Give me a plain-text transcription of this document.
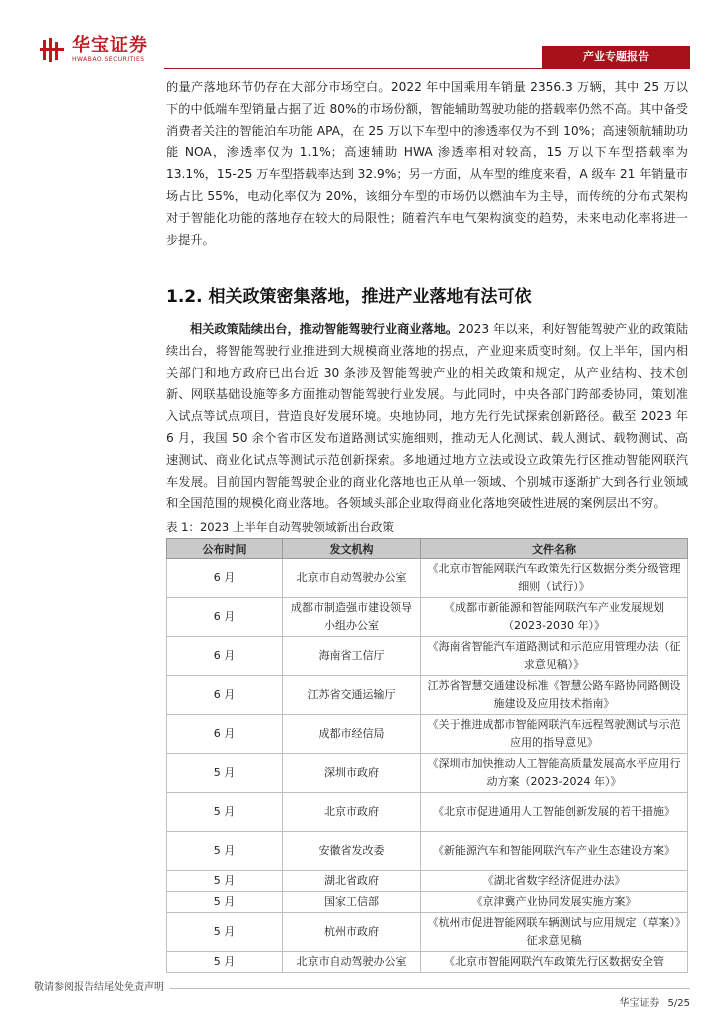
华宝证券
HWABAO SECURITIES	产业专题报告

的量产落地环节仍存在大部分市场空白。2022 年中国乘用车销量 2356.3 万辆，其中 25 万以下的中低端车型销量占据了近 80%的市场份额，智能辅助驾驶功能的搭载率仍然不高。其中备受消费者关注的智能泊车功能 APA，在 25 万以下车型中的渗透率仅为不到 10%；高速领航辅助功能 NOA，渗透率仅为 1.1%；高速辅助 HWA 渗透率相对较高，15 万以下车型搭载率为 13.1%，15-25 万车型搭载率达到 32.9%；另一方面，从车型的维度来看，A 级车 21 年销量市场占比 55%，电动化率仅为 20%，该细分车型的市场仍以燃油车为主导，而传统的分布式架构对于智能化功能的落地存在较大的局限性；随着汽车电气架构演变的趋势，未来电动化率将进一步提升。

1.2. 相关政策密集落地，推进产业落地有法可依

相关政策陆续出台，推动智能驾驶行业商业落地。2023 年以来，利好智能驾驶产业的政策陆续出台，将智能驾驶行业推进到大规模商业落地的拐点，产业迎来质变时刻。仅上半年，国内相关部门和地方政府已出台近 30 条涉及智能驾驶产业的相关政策和规定，从产业结构、技术创新、网联基础设施等多方面推动智能驾驶行业发展。与此同时，中央各部门跨部委协同，策划准入试点等试点项目，营造良好发展环境。央地协同，地方先行先试探索创新路径。截至 2023 年 6 月，我国 50 余个省市区发布道路测试实施细则，推动无人化测试、载人测试、载物测试、高速测试、商业化试点等测试示范创新探索。多地通过地方立法或设立政策先行区推动智能网联汽车发展。目前国内智能驾驶企业的商业化落地也正从单一领域、个别城市逐渐扩大到各行业领域和全国范围的规模化商业落地。各领域头部企业取得商业化落地突破性进展的案例层出不穷。

表 1：2023 上半年自动驾驶领域新出台政策

公布时间	发文机构	文件名称
6 月	北京市自动驾驶办公室	《北京市智能网联汽车政策先行区数据分类分级管理细则（试行）》
6 月	成都市制造强市建设领导小组办公室	《成都市新能源和智能网联汽车产业发展规划（2023-2030 年）》
6 月	海南省工信厅	《海南省智能汽车道路测试和示范应用管理办法（征求意见稿）》
6 月	江苏省交通运输厅	江苏省智慧交通建设标准《智慧公路车路协同路侧设施建设及应用技术指南》
6 月	成都市经信局	《关于推进成都市智能网联汽车远程驾驶测试与示范应用的指导意见》
5 月	深圳市政府	《深圳市加快推动人工智能高质量发展高水平应用行动方案（2023-2024 年）》
5 月	北京市政府	《北京市促进通用人工智能创新发展的若干措施》
5 月	安徽省发改委	《新能源汽车和智能网联汽车产业生态建设方案》
5 月	湖北省政府	《湖北省数字经济促进办法》
5 月	国家工信部	《京津冀产业协同发展实施方案》
5 月	杭州市政府	《杭州市促进智能网联车辆测试与应用规定（草案）》征求意见稿
5 月	北京市自动驾驶办公室	《北京市智能网联汽车政策先行区数据安全管
敬请参阅报告结尾处免责声明
华宝证券 5/25
